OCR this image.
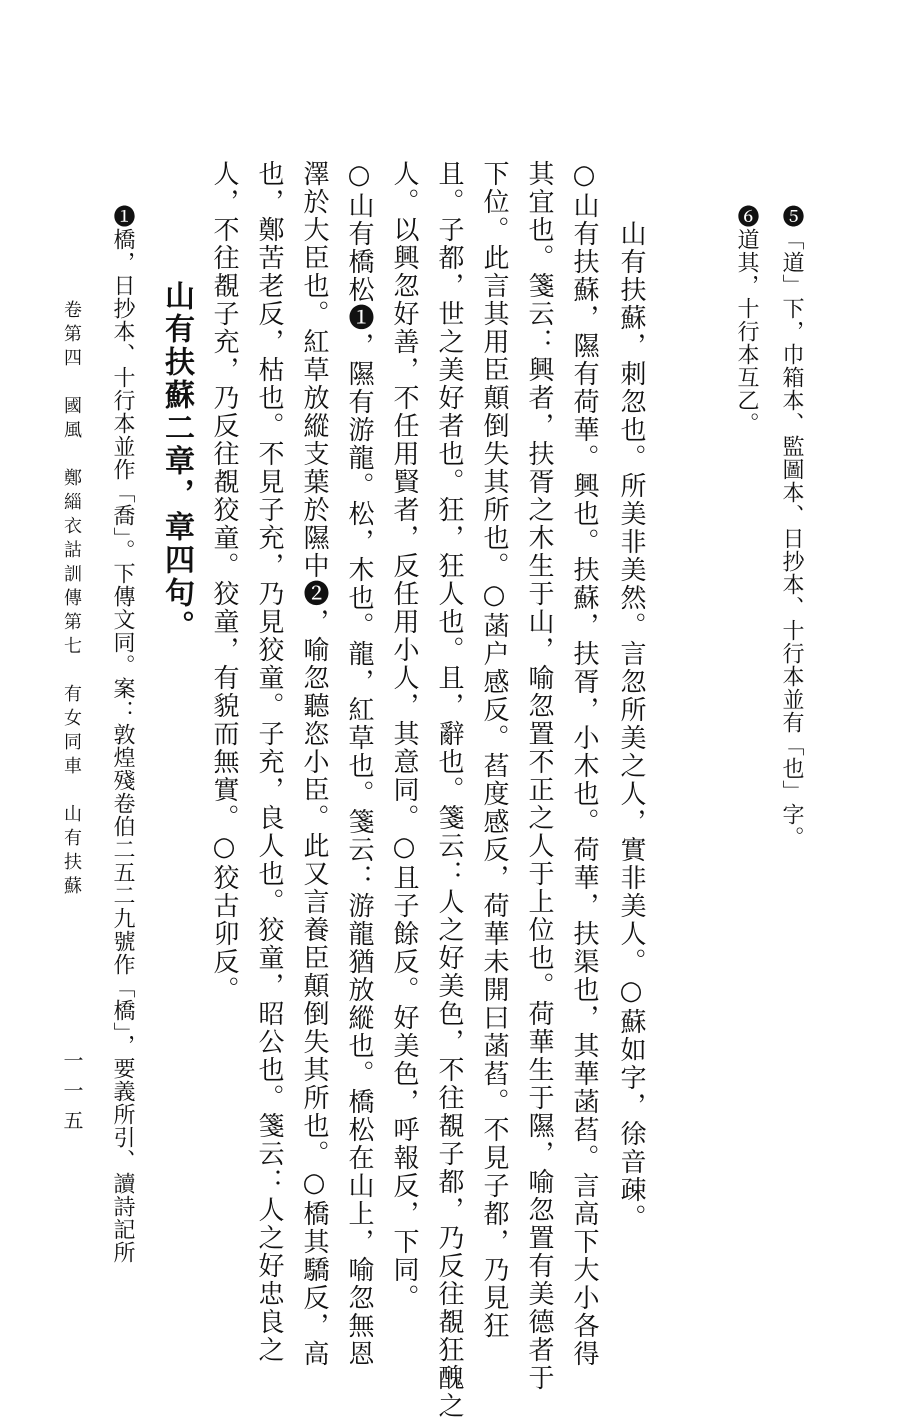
❺「道」下，巾箱本、監圖本、日抄本、十行本並有「也」字。
❻道其，十行本互乙。
山有扶蘇，刺忽也。所美非美然。言忽所美之人，實非美人。○蘇如字，徐音疎。
○山有扶蘇，隰有荷華。興也。扶蘇，扶胥，小木也。荷華，扶渠也，其華菡萏。言高下大小各得
其宜也。箋云：興者，扶胥之木生于山，喻忽置不正之人于上位也。荷華生于隰，喻忽置有美德者于
下位。此言其用臣顛倒失其所也。○菡户感反。萏度感反，荷華未開曰菡萏。不見子都，乃見狂
且。子都，世之美好者也。狂，狂人也。且，辭也。箋云：人之好美色，不往覩子都，乃反往覩狂醜之
人。以興忽好善，不任用賢者，反任用小人，其意同。○且子餘反。好美色，呼報反，下同。
○山有橋松❶，隰有游龍。松，木也。龍，紅草也。箋云：游龍猶放縱也。橋松在山上，喻忽無恩
澤於大臣也。紅草放縱支葉於隰中❷，喻忽聽恣小臣。此又言養臣顛倒失其所也。○橋其驕反，高
也，鄭苦老反，枯也。不見子充，乃見狡童。子充，良人也。狡童，昭公也。箋云：人之好忠良之
人，不往覩子充，乃反往覩狡童。狡童，有貌而無實。○狡古卯反。
山有扶蘇二章，章四句。
❶橋，日抄本、十行本並作「喬」。下傳文同。案：敦煌殘卷伯二五二九號作「橋」，要義所引、讀詩記所
卷第四　國風　鄭緇衣詁訓傳第七　有女同車　山有扶蘇
一一五
